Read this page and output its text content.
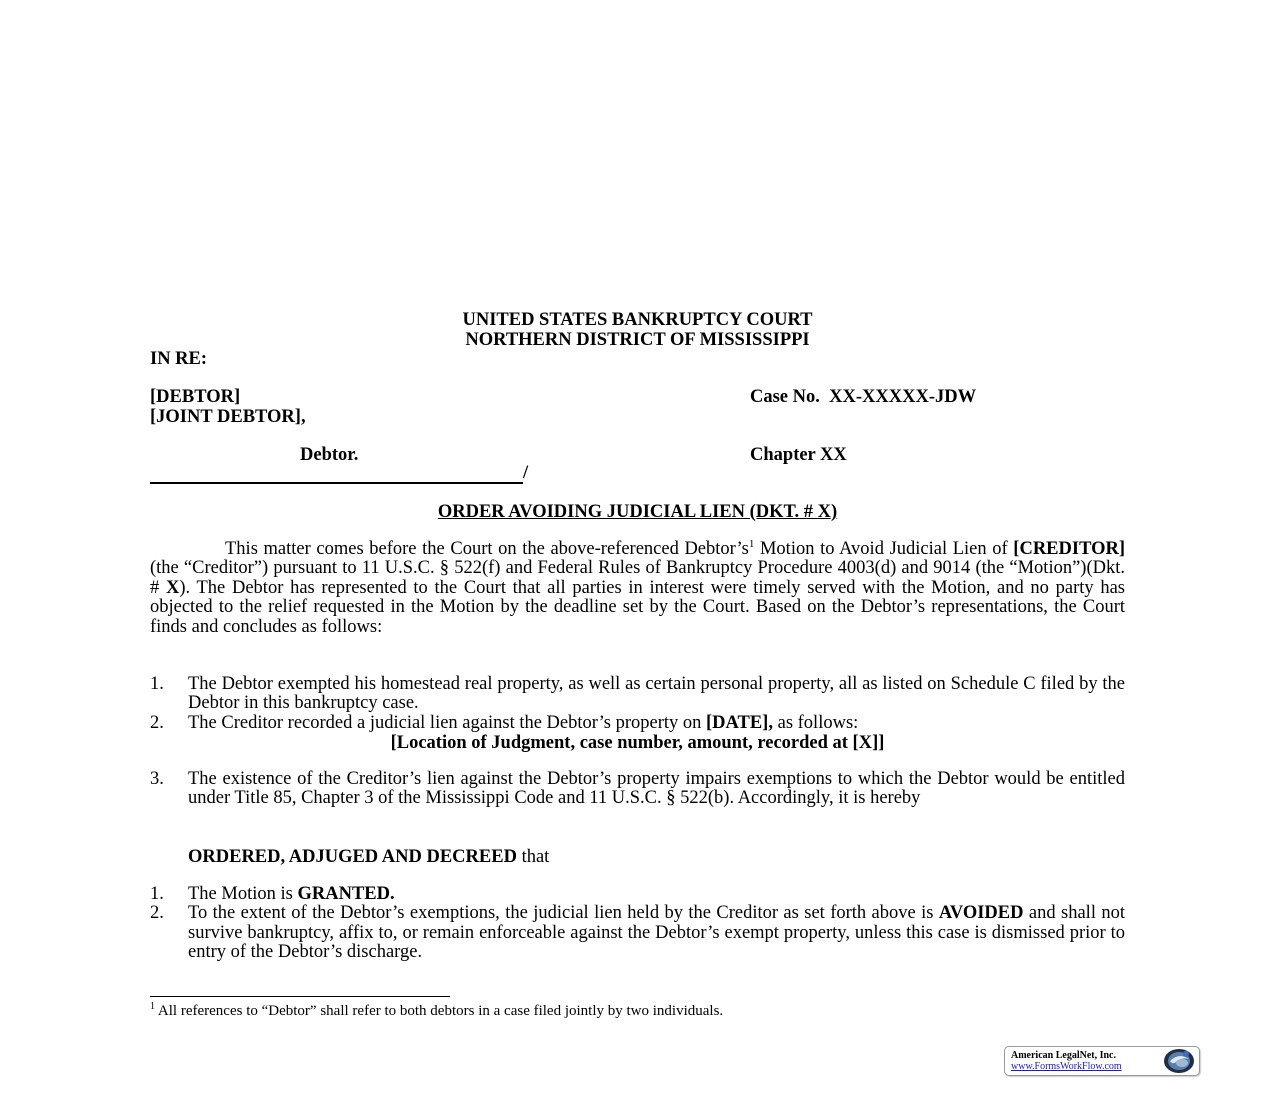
UNITED STATES BANKRUPTCY COURT
NORTHERN DISTRICT OF MISSISSIPPI
IN RE:
[DEBTOR]
[JOINT DEBTOR],
Case No. XX-XXXXX-JDW
Debtor.	Chapter XX
/
ORDER AVOIDING JUDICIAL LIEN (DKT. # X)
This matter comes before the Court on the above-referenced $Debtor’s^1$ Motion to Avoid Judicial Lien of [CREDITOR] (the “Creditor”) pursuant to 11 U.S.C. § 522(f) and Federal Rules of Bankruptcy Procedure 4003(d) and 9014 (the “Motion”)(Dkt. # X). The Debtor has represented to the Court that all parties in interest were timely served with the Motion, and no party has objected to the relief requested in the Motion by the deadline set by the Court. Based on the Debtor’s representations, the Court finds and concludes as follows:
1. The Debtor exempted his homestead real property, as well as certain personal property, all as listed on Schedule C filed by the Debtor in this bankruptcy case.
2. The Creditor recorded a judicial lien against the Debtor’s property on [DATE], as follows:
[Location of Judgment, case number, amount, recorded at [X]]
3. The existence of the Creditor’s lien against the Debtor’s property impairs exemptions to which the Debtor would be entitled under Title 85, Chapter 3 of the Mississippi Code and 11 U.S.C. § 522(b). Accordingly, it is hereby
ORDERED, ADJUGED AND DECREED that
1. The Motion is GRANTED.
2. To the extent of the Debtor’s exemptions, the judicial lien held by the Creditor as set forth above is AVOIDED and shall not survive bankruptcy, affix to, or remain enforceable against the Debtor’s exempt property, unless this case is dismissed prior to entry of the Debtor’s discharge.
$^1$ All references to “Debtor” shall refer to both debtors in a case filed jointly by two individuals.
American LegalNet, Inc.
www.FormsWorkFlow.com
